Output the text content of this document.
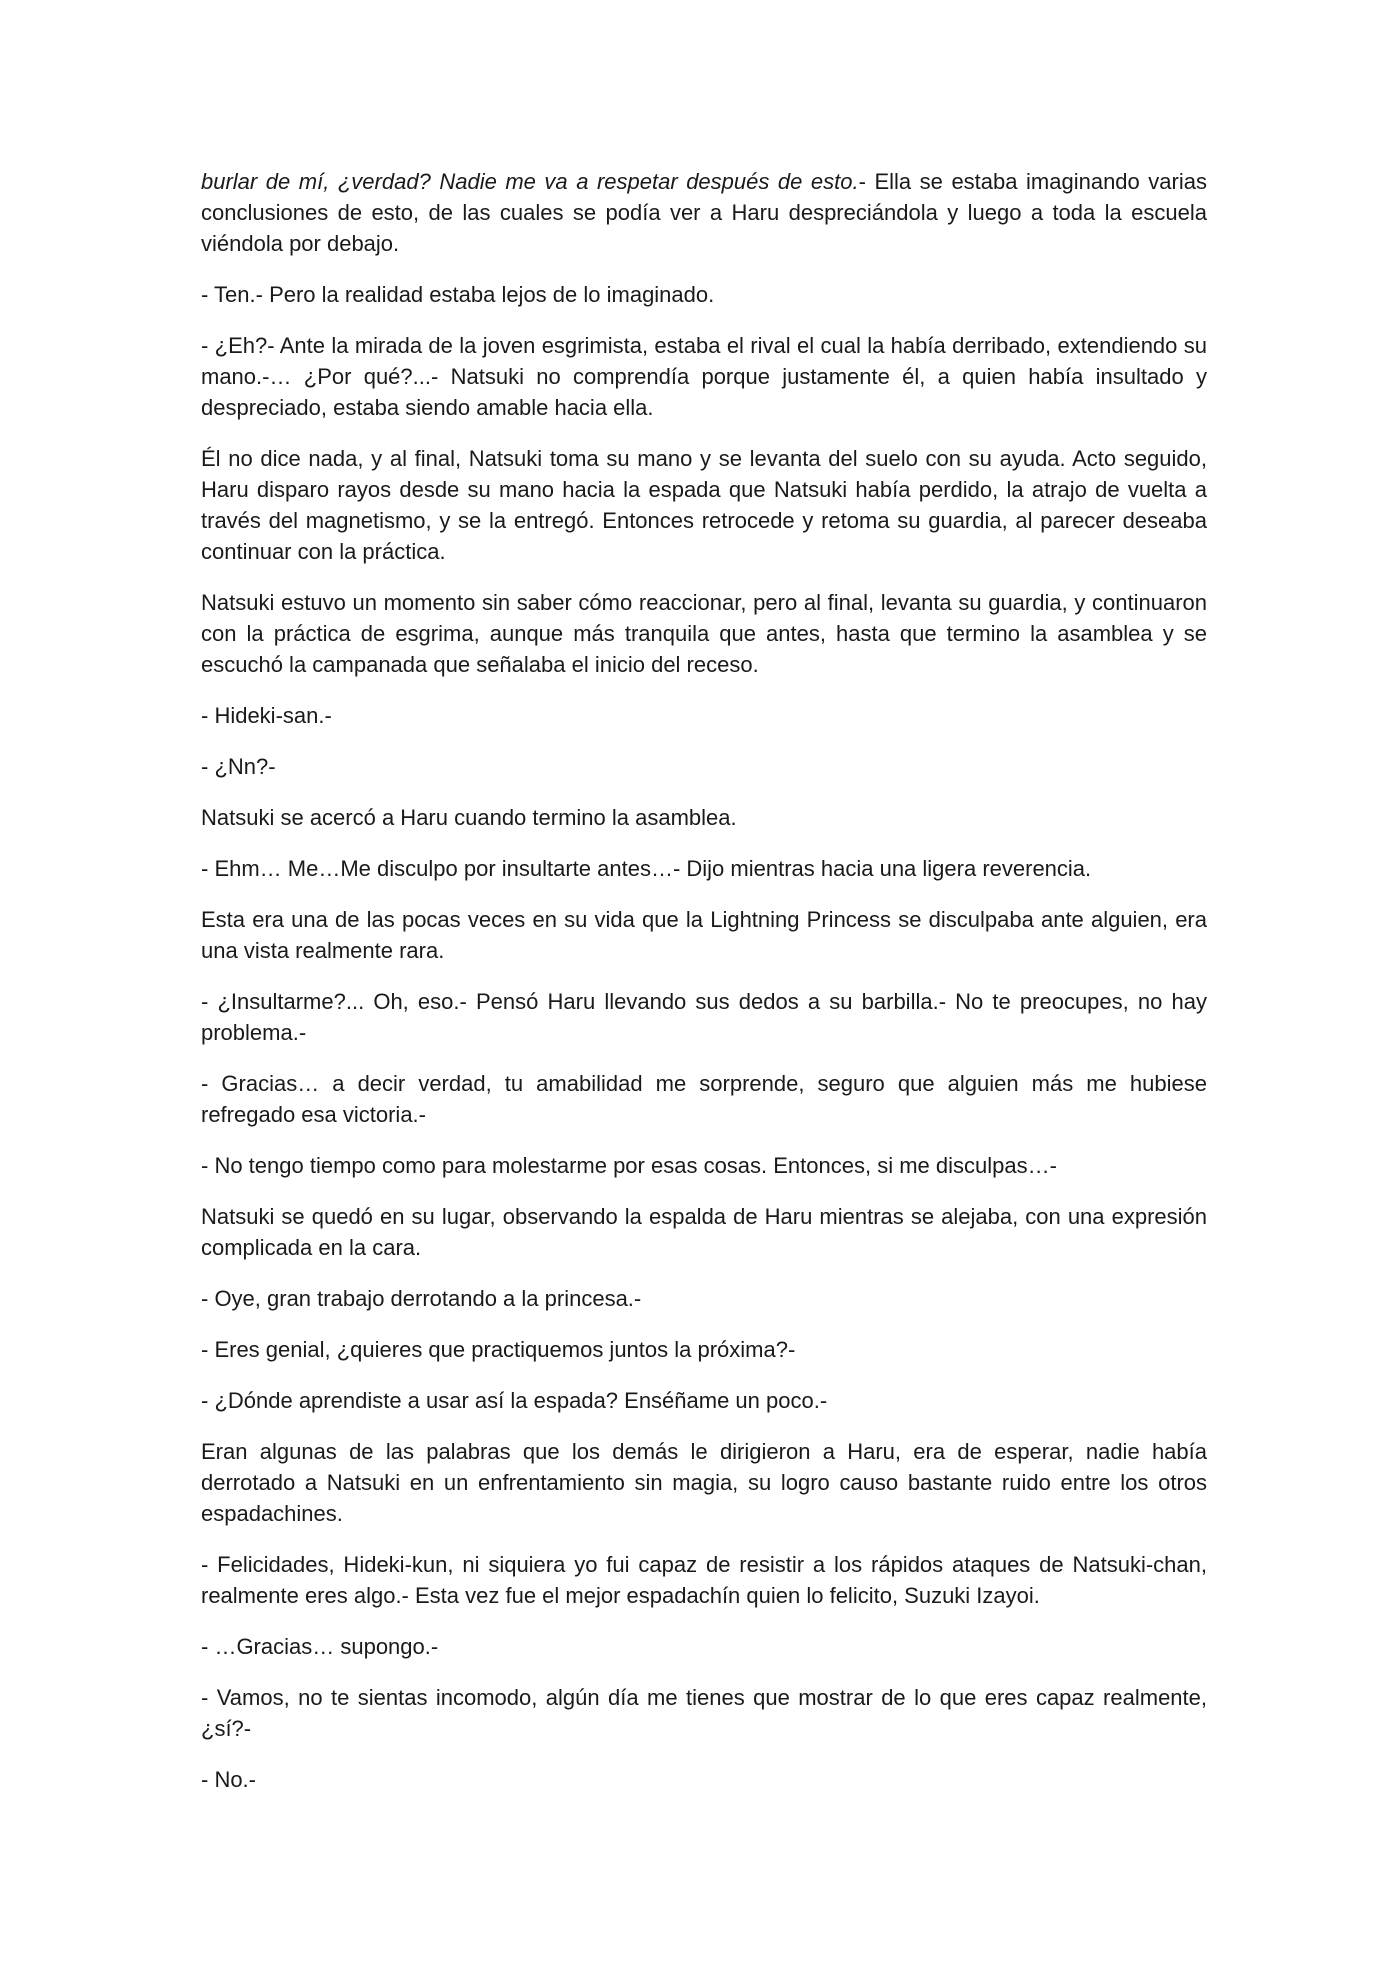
burlar de mí, ¿verdad? Nadie me va a respetar después de esto.- Ella se estaba imaginando varias conclusiones de esto, de las cuales se podía ver a Haru despreciándola y luego a toda la escuela viéndola por debajo.

- Ten.- Pero la realidad estaba lejos de lo imaginado.

- ¿Eh?- Ante la mirada de la joven esgrimista, estaba el rival el cual la había derribado, extendiendo su mano.-… ¿Por qué?...- Natsuki no comprendía porque justamente él, a quien había insultado y despreciado, estaba siendo amable hacia ella.

Él no dice nada, y al final, Natsuki toma su mano y se levanta del suelo con su ayuda. Acto seguido, Haru disparo rayos desde su mano hacia la espada que Natsuki había perdido, la atrajo de vuelta a través del magnetismo, y se la entregó. Entonces retrocede y retoma su guardia, al parecer deseaba continuar con la práctica.

Natsuki estuvo un momento sin saber cómo reaccionar, pero al final, levanta su guardia, y continuaron con la práctica de esgrima, aunque más tranquila que antes, hasta que termino la asamblea y se escuchó la campanada que señalaba el inicio del receso.

- Hideki-san.-

- ¿Nn?-

Natsuki se acercó a Haru cuando termino la asamblea.

- Ehm… Me…Me disculpo por insultarte antes…- Dijo mientras hacia una ligera reverencia.

Esta era una de las pocas veces en su vida que la Lightning Princess se disculpaba ante alguien, era una vista realmente rara.

- ¿Insultarme?... Oh, eso.- Pensó Haru llevando sus dedos a su barbilla.- No te preocupes, no hay problema.-

- Gracias… a decir verdad, tu amabilidad me sorprende, seguro que alguien más me hubiese refregado esa victoria.-

- No tengo tiempo como para molestarme por esas cosas. Entonces, si me disculpas…-

Natsuki se quedó en su lugar, observando la espalda de Haru mientras se alejaba, con una expresión complicada en la cara.

- Oye, gran trabajo derrotando a la princesa.-

- Eres genial, ¿quieres que practiquemos juntos la próxima?-

- ¿Dónde aprendiste a usar así la espada? Enséñame un poco.-

Eran algunas de las palabras que los demás le dirigieron a Haru, era de esperar, nadie había derrotado a Natsuki en un enfrentamiento sin magia, su logro causo bastante ruido entre los otros espadachines.

- Felicidades, Hideki-kun, ni siquiera yo fui capaz de resistir a los rápidos ataques de Natsuki-chan, realmente eres algo.- Esta vez fue el mejor espadachín quien lo felicito, Suzuki Izayoi.

- …Gracias… supongo.-

- Vamos, no te sientas incomodo, algún día me tienes que mostrar de lo que eres capaz realmente, ¿sí?-

- No.-
